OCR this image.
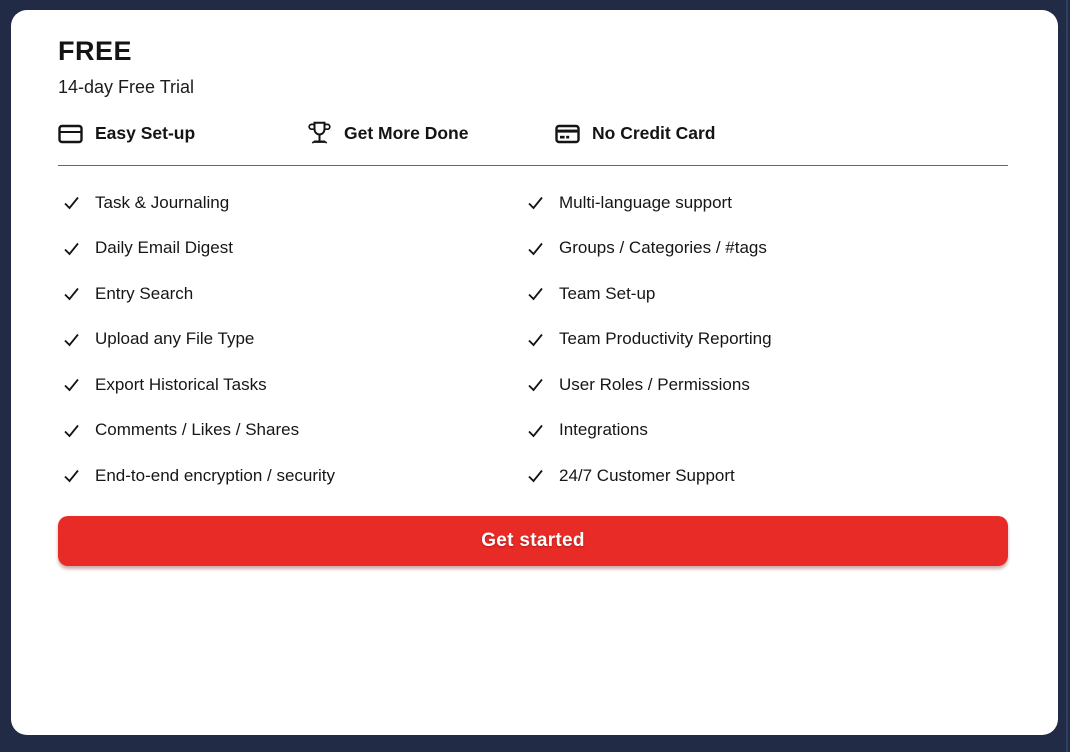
FREE
14-day Free Trial
Easy Set-up	Get More Done	No Credit Card
Task & Journaling
Daily Email Digest
Entry Search
Upload any File Type
Export Historical Tasks
Comments / Likes / Shares
End-to-end encryption / security
Multi-language support
Groups / Categories / #tags
Team Set-up
Team Productivity Reporting
User Roles / Permissions
Integrations
24/7 Customer Support
Get started
